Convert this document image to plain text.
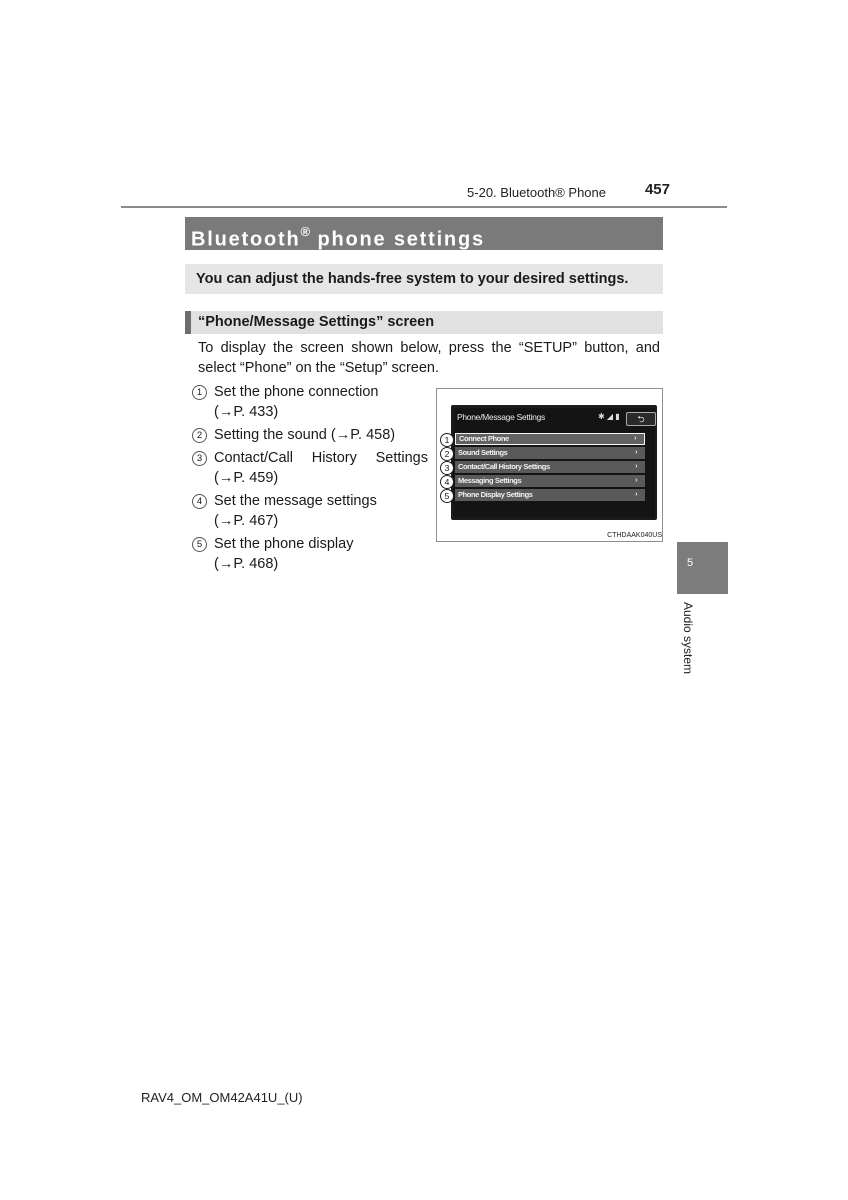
5-20. Bluetooth® Phone	457
Bluetooth® phone settings
You can adjust the hands-free system to your desired settings.
“Phone/Message Settings” screen
To display the screen shown below, press the “SETUP” button, and select “Phone” on the “Setup” screen.
1 Set the phone connection
(→P. 433)
2 Setting the sound (→P. 458)
3 Contact/Call History Settings
(→P. 459)
4 Set the message settings
(→P. 467)
5 Set the phone display
(→P. 468)
Phone/Message Settings	✱ ◢ ▮	⮌
Connect Phone	›
Sound Settings	›
Contact/Call History Settings	›
Messaging Settings	›
Phone Display Settings	›
1
2
3
4
5
CTHDAAK040US
5
Audio system
RAV4_OM_OM42A41U_(U)
